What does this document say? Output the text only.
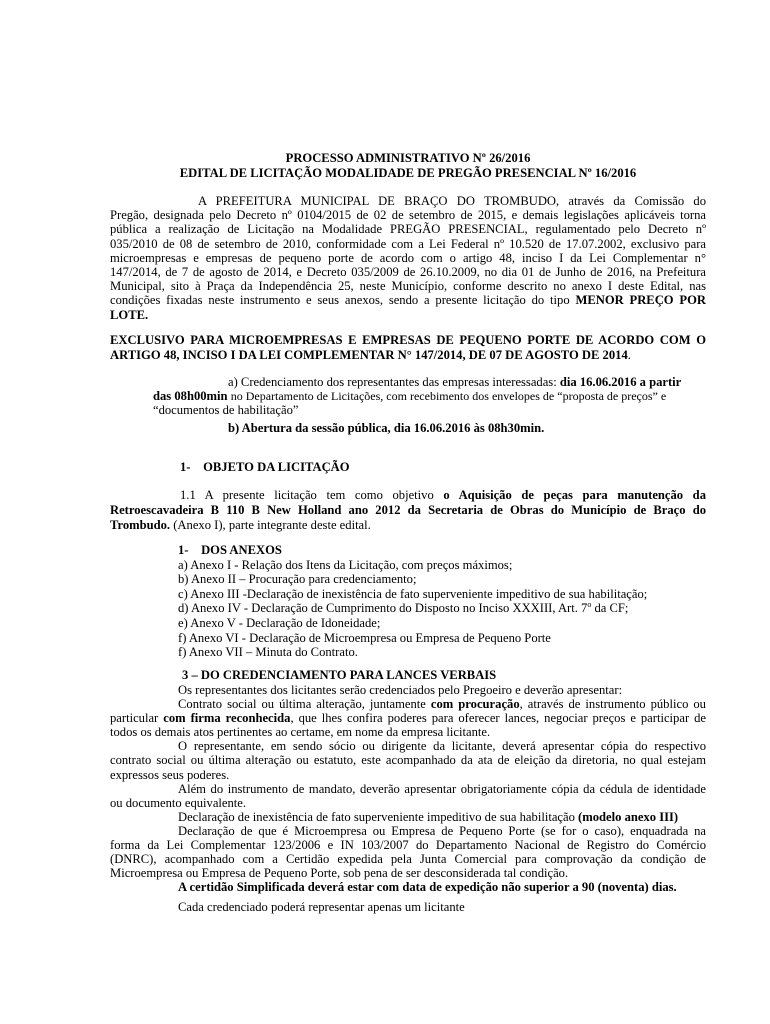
PROCESSO ADMINISTRATIVO Nº 26/2016
EDITAL DE LICITAÇÃO MODALIDADE DE PREGÃO PRESENCIAL Nº 16/2016
A PREFEITURA MUNICIPAL DE BRAÇO DO TROMBUDO, através da Comissão do
Pregão, designada pelo Decreto nº 0104/2015 de 02 de setembro de 2015, e demais legislações aplicáveis torna
pública a realização de Licitação na Modalidade PREGÃO PRESENCIAL, regulamentado pelo Decreto nº
035/2010 de 08 de setembro de 2010, conformidade com a Lei Federal nº 10.520 de 17.07.2002, exclusivo para
microempresas e empresas de pequeno porte de acordo com o artigo 48, inciso I da Lei Complementar n°
147/2014, de 7 de agosto de 2014, e Decreto 035/2009 de 26.10.2009, no dia 01 de Junho de 2016, na Prefeitura
Municipal, sito à Praça da Independência 25, neste Município, conforme descrito no anexo I deste Edital, nas
condições fixadas neste instrumento e seus anexos, sendo a presente licitação do tipo MENOR PREÇO POR
LOTE.
EXCLUSIVO PARA MICROEMPRESAS E EMPRESAS DE PEQUENO PORTE DE ACORDO COM O
ARTIGO 48, INCISO I DA LEI COMPLEMENTAR N° 147/2014, DE 07 DE AGOSTO DE 2014.
a) Credenciamento dos representantes das empresas interessadas: dia 16.06.2016 a partir
das 08h00min no Departamento de Licitações, com recebimento dos envelopes de “proposta de preços” e
“documentos de habilitação”
b) Abertura da sessão pública, dia 16.06.2016 às 08h30min.
1-    OBJETO DA LICITAÇÃO
1.1 A presente licitação tem como objetivo o Aquisição de peças para manutenção da
Retroescavadeira B 110 B New Holland ano 2012 da Secretaria de Obras do Município de Braço do
Trombudo. (Anexo I), parte integrante deste edital.
1-    DOS ANEXOS
a) Anexo I - Relação dos Itens da Licitação, com preços máximos;
b) Anexo II – Procuração para credenciamento;
c) Anexo III -Declaração de inexistência de fato superveniente impeditivo de sua habilitação;
d) Anexo IV - Declaração de Cumprimento do Disposto no Inciso XXXIII, Art. 7$^o$ da CF;
e) Anexo V - Declaração de Idoneidade;
f) Anexo VI - Declaração de Microempresa ou Empresa de Pequeno Porte
f) Anexo VII – Minuta do Contrato.
3 – DO CREDENCIAMENTO PARA LANCES VERBAIS
Os representantes dos licitantes serão credenciados pelo Pregoeiro e deverão apresentar:
Contrato social ou última alteração, juntamente com procuração, através de instrumento público ou
particular com firma reconhecida, que lhes confira poderes para oferecer lances, negociar preços e participar de
todos os demais atos pertinentes ao certame, em nome da empresa licitante.
O representante, em sendo sócio ou dirigente da licitante, deverá apresentar cópia do respectivo
contrato social ou última alteração ou estatuto, este acompanhado da ata de eleição da diretoria, no qual estejam
expressos seus poderes.
Além do instrumento de mandato, deverão apresentar obrigatoriamente cópia da cédula de identidade
ou documento equivalente.
Declaração de inexistência de fato superveniente impeditivo de sua habilitação (modelo anexo III)
Declaração de que é Microempresa ou Empresa de Pequeno Porte (se for o caso), enquadrada na
forma da Lei Complementar 123/2006 e IN 103/2007 do Departamento Nacional de Registro do Comércio
(DNRC), acompanhado com a Certidão expedida pela Junta Comercial para comprovação da condição de
Microempresa ou Empresa de Pequeno Porte, sob pena de ser desconsiderada tal condição.
A certidão Simplificada deverá estar com data de expedição não superior a 90 (noventa) dias.
Cada credenciado poderá representar apenas um licitante
